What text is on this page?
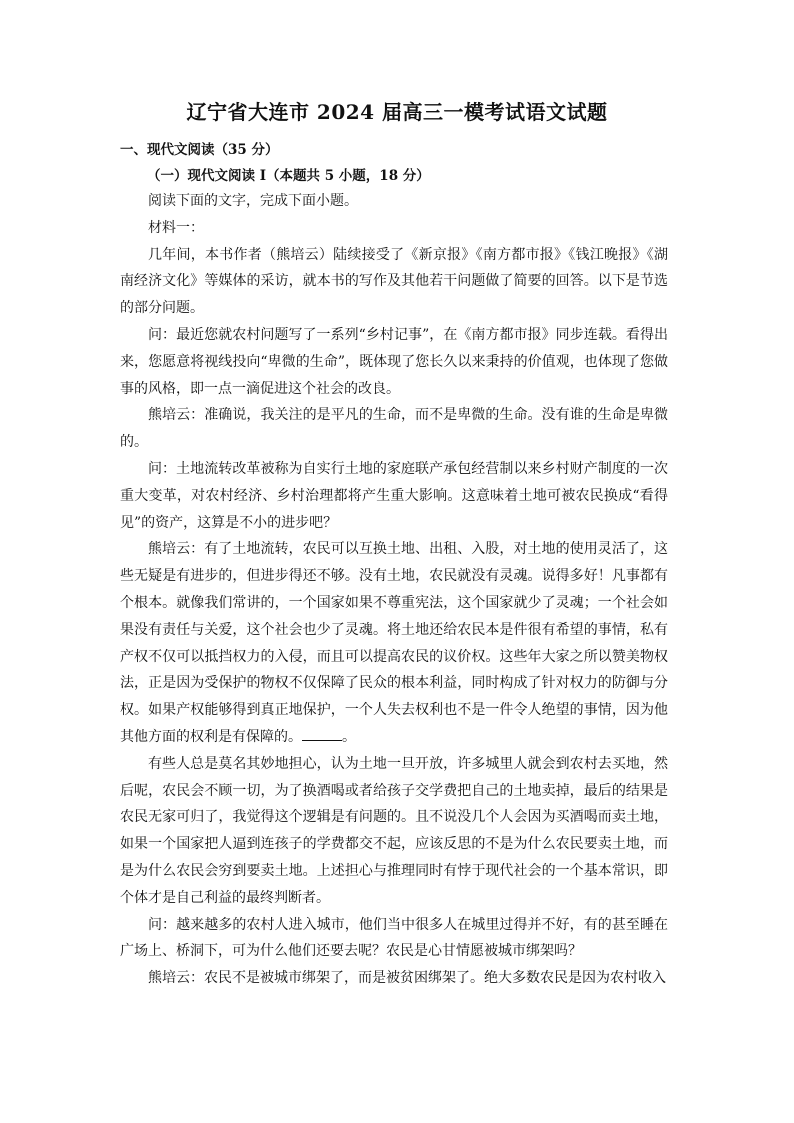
辽宁省大连市 2024 届高三一模考试语文试题
一、现代文阅读（35 分）
（一）现代文阅读 I（本题共 5 小题，18 分）

阅读下面的文字，完成下面小题。

材料一：

几年间，本书作者（熊培云）陆续接受了《新京报》《南方都市报》《钱江晚报》《湖南经济文化》等媒体的采访，就本书的写作及其他若干问题做了简要的回答。以下是节选的部分问题。

问：最近您就农村问题写了一系列“乡村记事”，在《南方都市报》同步连载。看得出来，您愿意将视线投向“卑微的生命”，既体现了您长久以来秉持的价值观，也体现了您做事的风格，即一点一滴促进这个社会的改良。

熊培云：准确说，我关注的是平凡的生命，而不是卑微的生命。没有谁的生命是卑微的。

问：土地流转改革被称为自实行土地的家庭联产承包经营制以来乡村财产制度的一次重大变革，对农村经济、乡村治理都将产生重大影响。这意味着土地可被农民换成“看得见”的资产，这算是不小的进步吧？

熊培云：有了土地流转，农民可以互换土地、出租、入股，对土地的使用灵活了，这些无疑是有进步的，但进步得还不够。没有土地，农民就没有灵魂。说得多好！凡事都有个根本。就像我们常讲的，一个国家如果不尊重宪法，这个国家就少了灵魂；一个社会如果没有责任与关爱，这个社会也少了灵魂。将土地还给农民本是件很有希望的事情，私有产权不仅可以抵挡权力的入侵，而且可以提高农民的议价权。这些年大家之所以赞美物权法，正是因为受保护的物权不仅保障了民众的根本利益，同时构成了针对权力的防御与分权。如果产权能够得到真正地保护，一个人失去权利也不是一件令人绝望的事情，因为他其他方面的权利是有保障的。	。

有些人总是莫名其妙地担心，认为土地一旦开放，许多城里人就会到农村去买地，然后呢，农民会不顾一切，为了换酒喝或者给孩子交学费把自己的土地卖掉，最后的结果是农民无家可归了，我觉得这个逻辑是有问题的。且不说没几个人会因为买酒喝而卖土地，如果一个国家把人逼到连孩子的学费都交不起，应该反思的不是为什么农民要卖土地，而是为什么农民会穷到要卖土地。上述担心与推理同时有悖于现代社会的一个基本常识，即个体才是自己利益的最终判断者。

问：越来越多的农村人进入城市，他们当中很多人在城里过得并不好，有的甚至睡在广场上、桥洞下，可为什么他们还要去呢？农民是心甘情愿被城市绑架吗？

熊培云：农民不是被城市绑架了，而是被贫困绑架了。绝大多数农民是因为农村收入
